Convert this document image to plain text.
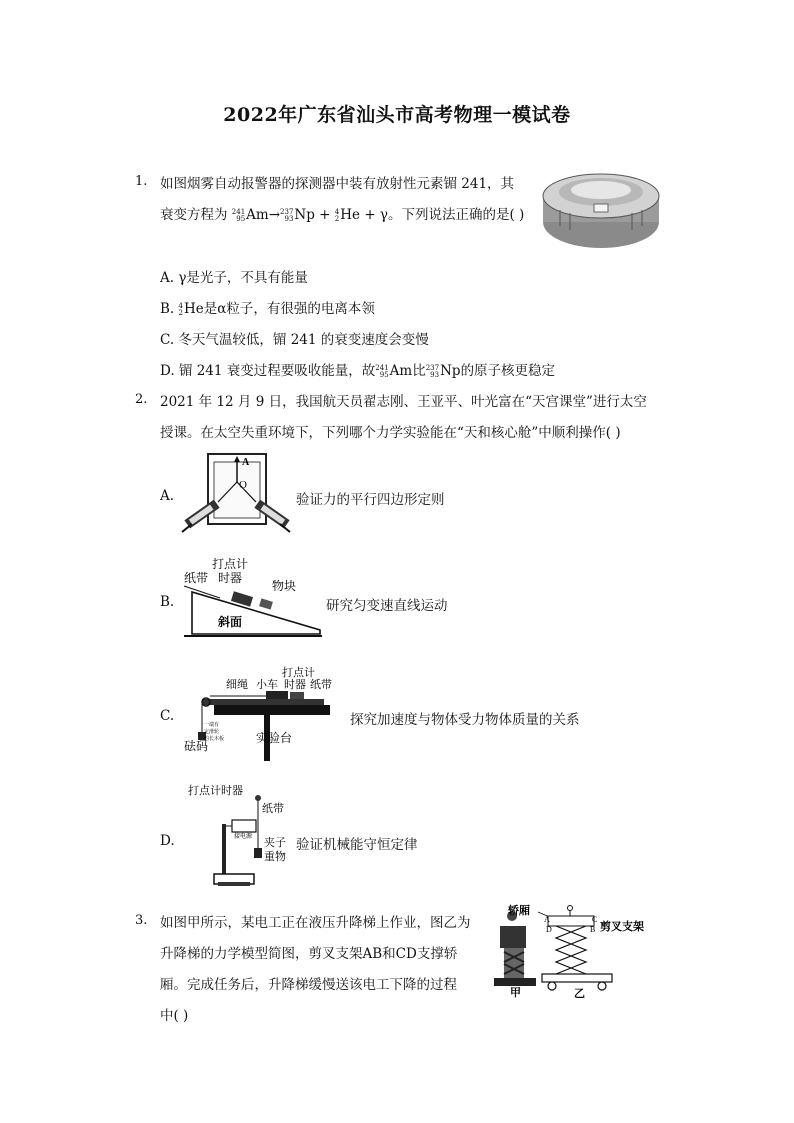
2022年广东省汕头市高考物理一模试卷
1. 如图烟雾自动报警器的探测器中装有放射性元素镅 241，其
衰变方程为 241
95 Am→ 237
93 Np + 4
2 He + γ。下列说法正确的是( )
A. γ是光子，不具有能量
B. 4
2 He是α粒子，有很强的电离本领
C. 冬天气温较低，镅 241 的衰变速度会变慢
D. 镅 241 衰变过程要吸收能量，故 241
95 Am比 237
93 Np的原子核更稳定
2. 2021 年 12 月 9 日，我国航天员翟志刚、王亚平、叶光富在“天宫课堂”进行太空
授课。在太空失重环境下，下列哪个力学实验能在“天和核心舱”中顺利操作( )
A.
A
O
验证力的平行四边形定则
B.
打点计
时器
纸带
物块
斜面
研究匀变速直线运动
C.
打点计
时器
细绳 小车	纸带
一端有
定滑轮
的长木板
砝码
实验台
探究加速度与物体受力物体质量的关系
D.
打点计时器
纸带
夹子
重物
接电源	验证机械能守恒定律
3. 如图甲所示，某电工正在液压升降梯上作业，图乙为
升降梯的力学模型简图，剪叉支架AB和CD支撑轿
厢。完成任务后，升降梯缓慢送该电工下降的过程
中( )
甲
轿厢
A	C
D	B 剪叉支架
乙
